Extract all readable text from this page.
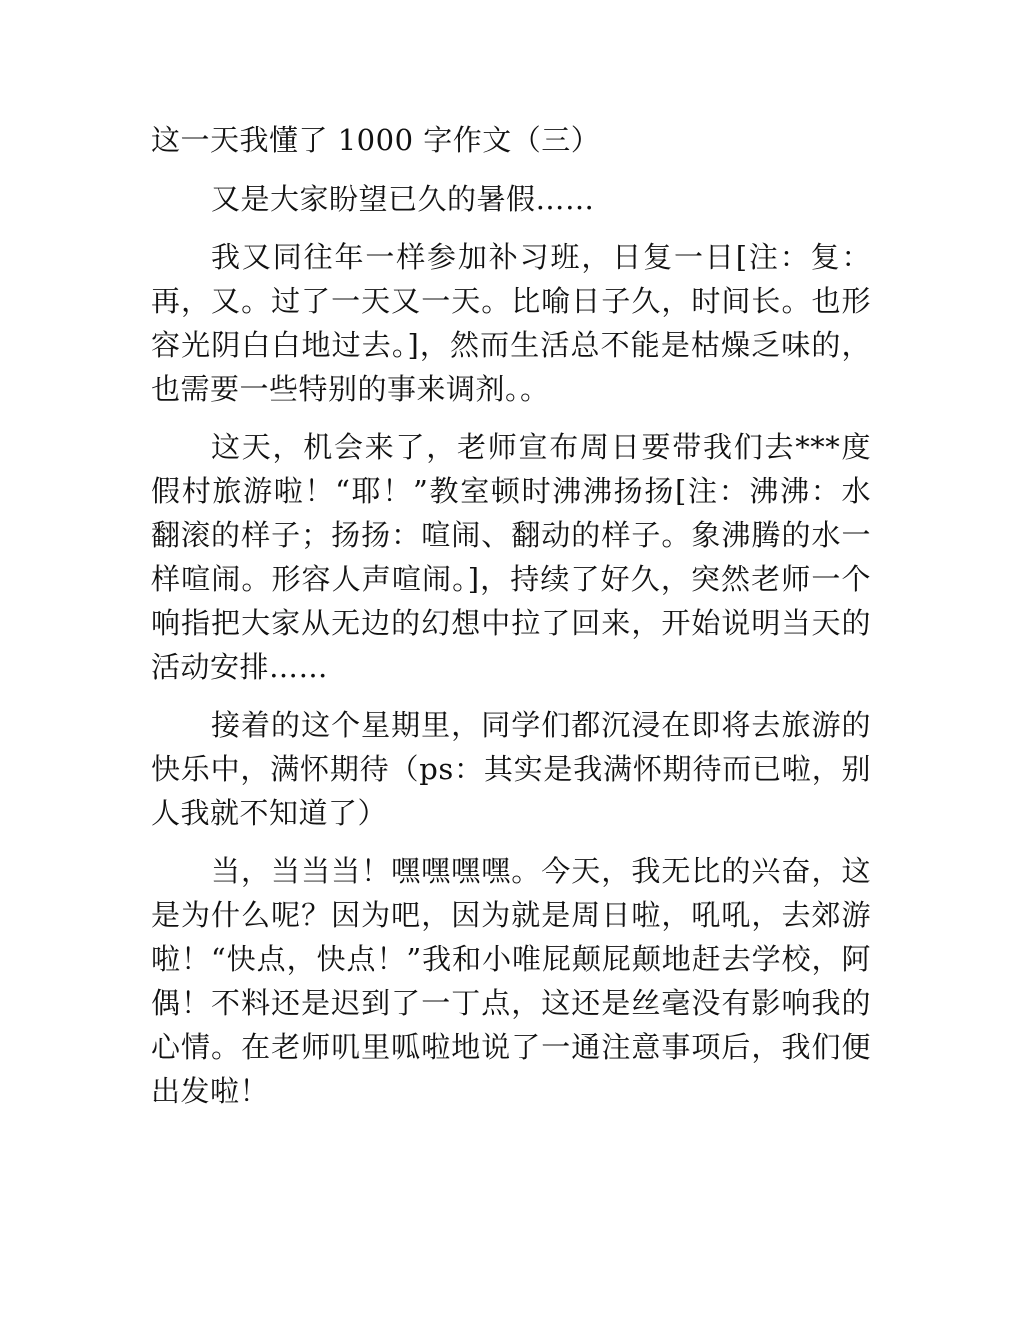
这一天我懂了 1000 字作文（三）

又是大家盼望已久的暑假……

我又同往年一样参加补习班，日复一日[注：复：再，又。过了一天又一天。比喻日子久，时间长。也形容光阴白白地过去。]，然而生活总不能是枯燥乏味的，也需要一些特别的事来调剂。。

这天，机会来了，老师宣布周日要带我们去***度假村旅游啦！“耶！”教室顿时沸沸扬扬[注：沸沸：水翻滚的样子；扬扬：喧闹、翻动的样子。象沸腾的水一样喧闹。形容人声喧闹。]，持续了好久，突然老师一个响指把大家从无边的幻想中拉了回来，开始说明当天的活动安排……

接着的这个星期里，同学们都沉浸在即将去旅游的快乐中，满怀期待（ps：其实是我满怀期待而已啦，别人我就不知道了）

当，当当当！嘿嘿嘿嘿。今天，我无比的兴奋，这是为什么呢？因为吧，因为就是周日啦，吼吼，去郊游啦！“快点，快点！”我和小唯屁颠屁颠地赶去学校，阿偶！不料还是迟到了一丁点，这还是丝毫没有影响我的心情。在老师叽里呱啦地说了一通注意事项后，我们便出发啦！
